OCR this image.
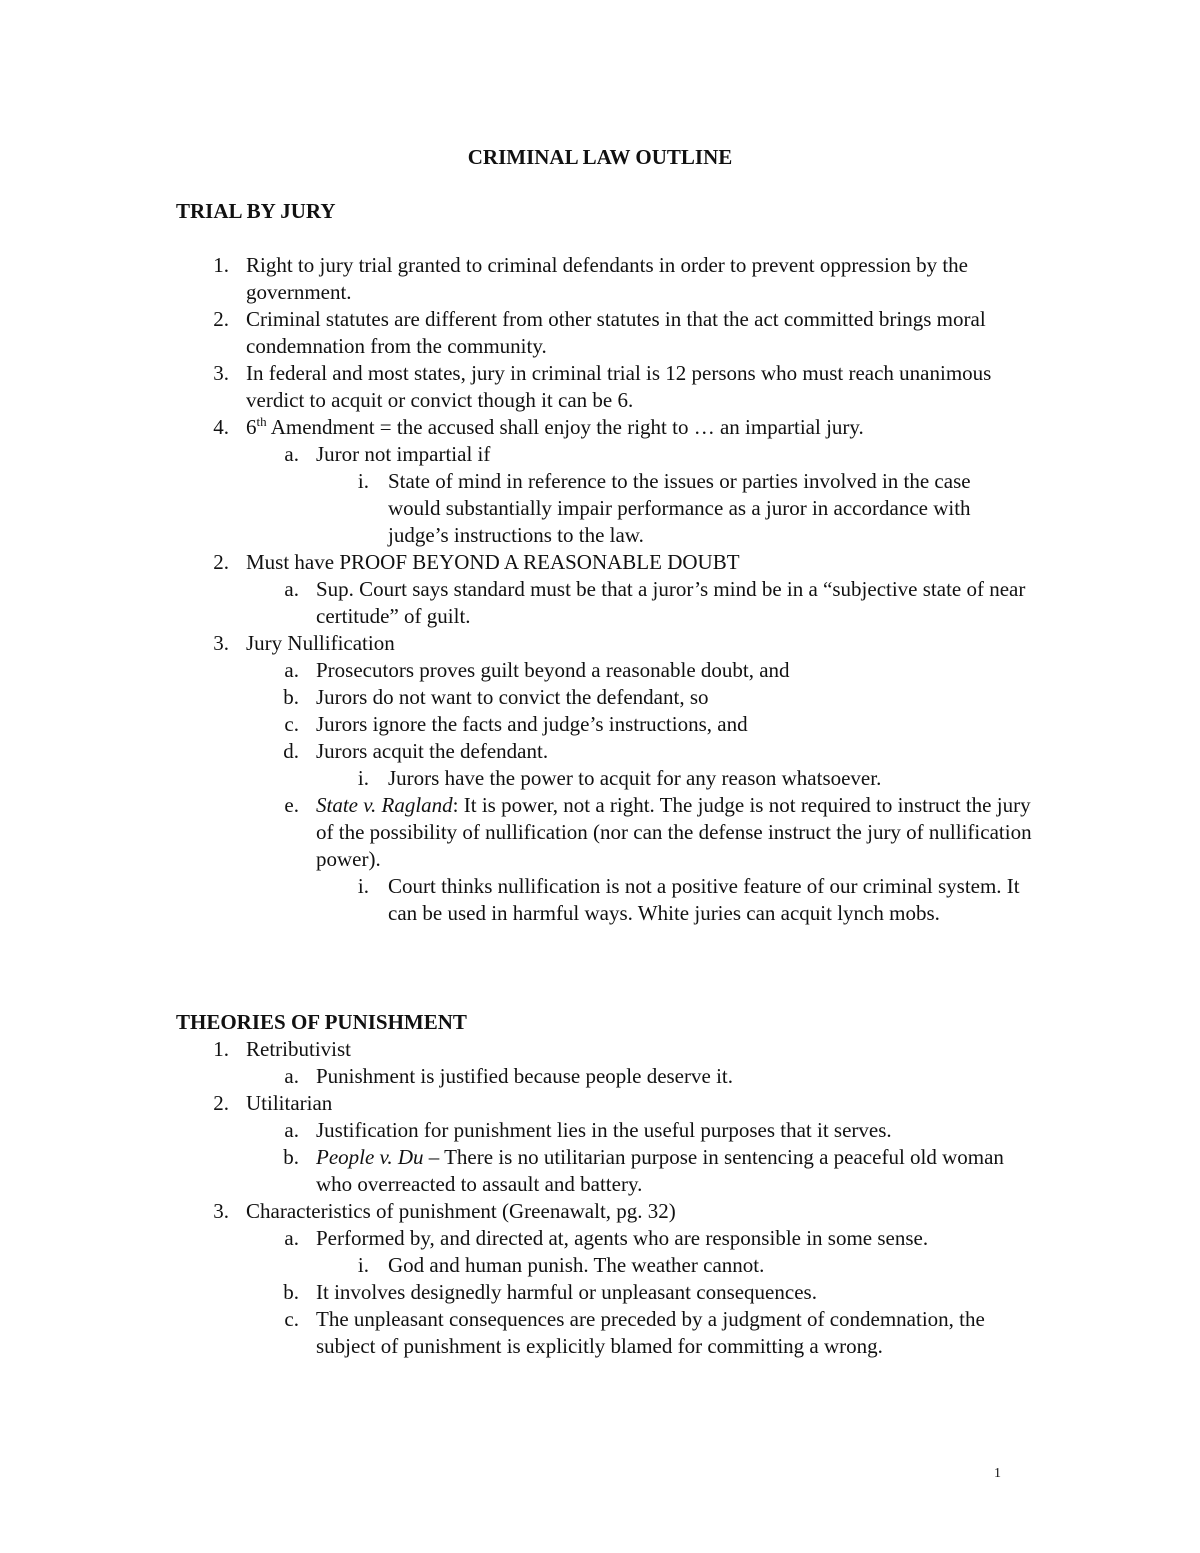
CRIMINAL LAW OUTLINE
TRIAL BY JURY
1. Right to jury trial granted to criminal defendants in order to prevent oppression by the government.
2. Criminal statutes are different from other statutes in that the act committed brings moral condemnation from the community.
3. In federal and most states, jury in criminal trial is 12 persons who must reach unanimous verdict to acquit or convict though it can be 6.
4. 6th Amendment = the accused shall enjoy the right to … an impartial jury.
a. Juror not impartial if
i. State of mind in reference to the issues or parties involved in the case would substantially impair performance as a juror in accordance with judge’s instructions to the law.
2. Must have PROOF BEYOND A REASONABLE DOUBT
a. Sup. Court says standard must be that a juror’s mind be in a “subjective state of near certitude” of guilt.
3. Jury Nullification
a. Prosecutors proves guilt beyond a reasonable doubt, and
b. Jurors do not want to convict the defendant, so
c. Jurors ignore the facts and judge’s instructions, and
d. Jurors acquit the defendant.
i. Jurors have the power to acquit for any reason whatsoever.
e. State v. Ragland: It is power, not a right. The judge is not required to instruct the jury of the possibility of nullification (nor can the defense instruct the jury of nullification power).
i. Court thinks nullification is not a positive feature of our criminal system. It can be used in harmful ways. White juries can acquit lynch mobs.
THEORIES OF PUNISHMENT
1. Retributivist
a. Punishment is justified because people deserve it.
2. Utilitarian
a. Justification for punishment lies in the useful purposes that it serves.
b. People v. Du – There is no utilitarian purpose in sentencing a peaceful old woman who overreacted to assault and battery.
3. Characteristics of punishment (Greenawalt, pg. 32)
a. Performed by, and directed at, agents who are responsible in some sense.
i. God and human punish. The weather cannot.
b. It involves designedly harmful or unpleasant consequences.
c. The unpleasant consequences are preceded by a judgment of condemnation, the subject of punishment is explicitly blamed for committing a wrong.
1
